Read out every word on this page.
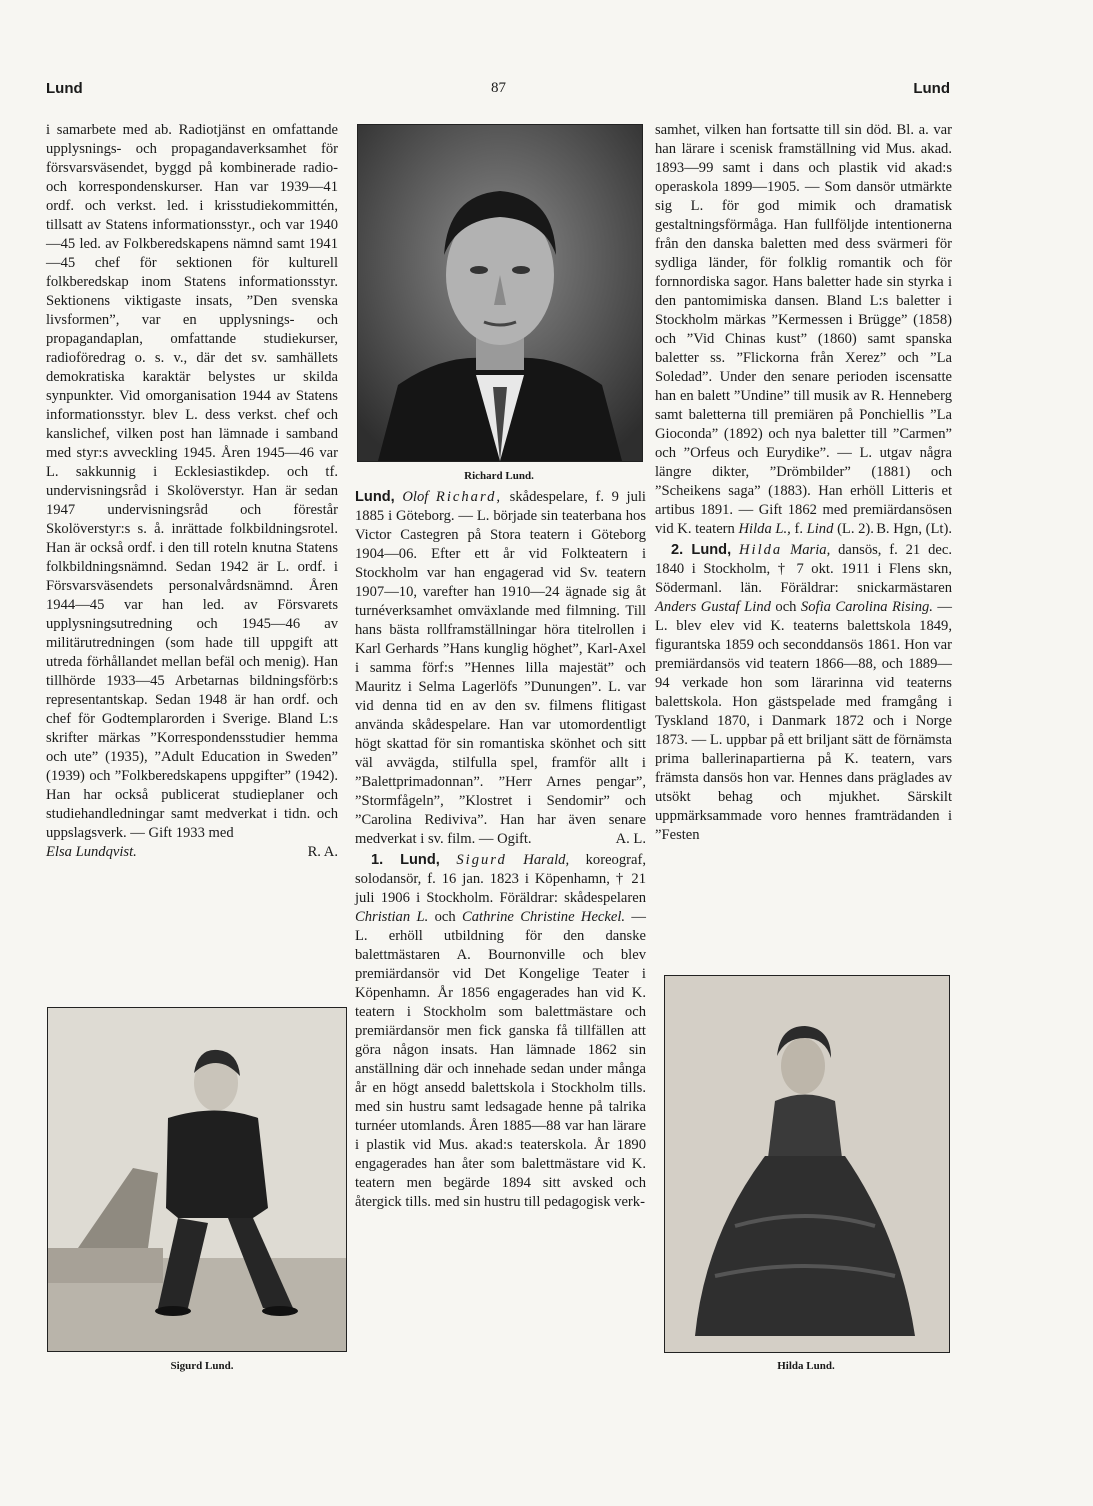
Lund	87	Lund

i samarbete med ab. Radiotjänst en omfattande upplysnings- och propagandaverksamhet för försvarsväsendet, byggd på kombinerade radio- och korrespondenskurser. Han var 1939—41 ordf. och verkst. led. i krisstudiekommittén, tillsatt av Statens informationsstyr., och var 1940—45 led. av Folkberedskapens nämnd samt 1941—45 chef för sektionen för kulturell folkberedskap inom Statens informationsstyr. Sektionens viktigaste insats, ”Den svenska livsformen”, var en upplysnings- och propagandaplan, omfattande studiekurser, radioföredrag o. s. v., där det sv. samhällets demokratiska karaktär belystes ur skilda synpunkter. Vid omorganisation 1944 av Statens informationsstyr. blev L. dess verkst. chef och kanslichef, vilken post han lämnade i samband med styr:s avveckling 1945. Åren 1945—46 var L. sakkunnig i Ecklesiastikdep. och tf. undervisningsråd i Skolöverstyr. Han är sedan 1947 undervisningsråd och förestår Skolöverstyr:s s. å. inrättade folkbildningsrotel. Han är också ordf. i den till roteln knutna Statens folkbildningsnämnd. Sedan 1942 är L. ordf. i Försvarsväsendets personalvårdsnämnd. Åren 1944—45 var han led. av Försvarets upplysningsutredning och 1945—46 av militärutredningen (som hade till uppgift att utreda förhållandet mellan befäl och menig). Han tillhörde 1933—45 Arbetarnas bildningsförb:s representantskap. Sedan 1948 är han ordf. och chef för Godtemplarorden i Sverige. Bland L:s skrifter märkas ”Korrespondensstudier hemma och ute” (1935), ”Adult Education in Sweden” (1939) och ”Folkberedskapens uppgifter” (1942). Han har också publicerat studieplaner och studiehandledningar samt medverkat i tidn. och uppslagsverk. — Gift 1933 med

Elsa Lundqvist.	R. A.
Richard Lund.

Lund, Olof Richard, skådespelare, f. 9 juli 1885 i Göteborg. — L. började sin teaterbana hos Victor Castegren på Stora teatern i Göteborg 1904—06. Efter ett år vid Folkteatern i Stockholm var han engagerad vid Sv. teatern 1907—10, varefter han 1910—24 ägnade sig åt turnéverksamhet omväxlande med filmning. Till hans bästa rollframställningar höra titelrollen i Karl Gerhards ”Hans kunglig höghet”, Karl-Axel i samma förf:s ”Hennes lilla majestät” och Mauritz i Selma Lagerlöfs ”Dunungen”. L. var vid denna tid en av den sv. filmens flitigast använda skådespelare. Han var utomordentligt högt skattad för sin romantiska skönhet och sitt väl avvägda, stilfulla spel, framför allt i ”Balettprimadonnan”. ”Herr Arnes pengar”, ”Stormfågeln”, ”Klostret i Sendomir” och ”Carolina Rediviva”. Han har även senare medverkat i sv. film. — Ogift.	A. L.

1. Lund, Sigurd Harald, koreograf, solodansör, f. 16 jan. 1823 i Köpenhamn, † 21 juli 1906 i Stockholm. Föräldrar: skådespelaren Christian L. och Cathrine Christine Heckel. — L. erhöll utbildning för den danske balettmästaren A. Bournonville och blev premiärdansör vid Det Kongelige Teater i Köpenhamn. År 1856 engagerades han vid K. teatern i Stockholm som balettmästare och premiärdansör men fick ganska få tillfällen att göra någon insats. Han lämnade 1862 sin anställning där och innehade sedan under många år en högt ansedd balettskola i Stockholm tills. med sin hustru samt ledsagade henne på talrika turnéer utomlands. Åren 1885—88 var han lärare i plastik vid Mus. akad:s teaterskola. År 1890 engagerades han åter som balettmästare vid K. teatern men begärde 1894 sitt avsked och återgick tills. med sin hustru till pedagogisk verk-

samhet, vilken han fortsatte till sin död. Bl. a. var han lärare i scenisk framställning vid Mus. akad. 1893—99 samt i dans och plastik vid akad:s operaskola 1899—1905. — Som dansör utmärkte sig L. för god mimik och dramatisk gestaltningsförmåga. Han fullföljde intentionerna från den danska baletten med dess svärmeri för sydliga länder, för folklig romantik och för fornnordiska sagor. Hans baletter hade sin styrka i den pantomimiska dansen. Bland L:s baletter i Stockholm märkas ”Kermessen i Brügge” (1858) och ”Vid Chinas kust” (1860) samt spanska baletter ss. ”Flickorna från Xerez” och ”La Soledad”. Under den senare perioden iscensatte han en balett ”Undine” till musik av R. Henneberg samt baletterna till premiären på Ponchiellis ”La Gioconda” (1892) och nya baletter till ”Carmen” och ”Orfeus och Eurydike”. — L. utgav några längre dikter, ”Drömbilder” (1881) och ”Scheikens saga” (1883). Han erhöll Litteris et artibus 1891. — Gift 1862 med premiärdansösen vid K. teatern Hilda L., f. Lind (L. 2). B. Hgn, (Lt).

2. Lund, Hilda Maria, dansös, f. 21 dec. 1840 i Stockholm, † 7 okt. 1911 i Flens skn, Södermanl. län. Föräldrar: snickarmästaren Anders Gustaf Lind och Sofia Carolina Rising. — L. blev elev vid K. teaterns balettskola 1849, figurantska 1859 och seconddansös 1861. Hon var premiärdansös vid teatern 1866—88, och 1889—94 verkade hon som lärarinna vid teaterns balettskola. Hon gästspelade med framgång i Tyskland 1870, i Danmark 1872 och i Norge 1873. — L. uppbar på ett briljant sätt de förnämsta prima ballerinapartierna på K. teatern, vars främsta dansös hon var. Hennes dans präglades av utsökt behag och mjukhet. Särskilt uppmärksammade voro hennes framträdanden i ”Festen

Sigurd Lund.	Hilda Lund.
